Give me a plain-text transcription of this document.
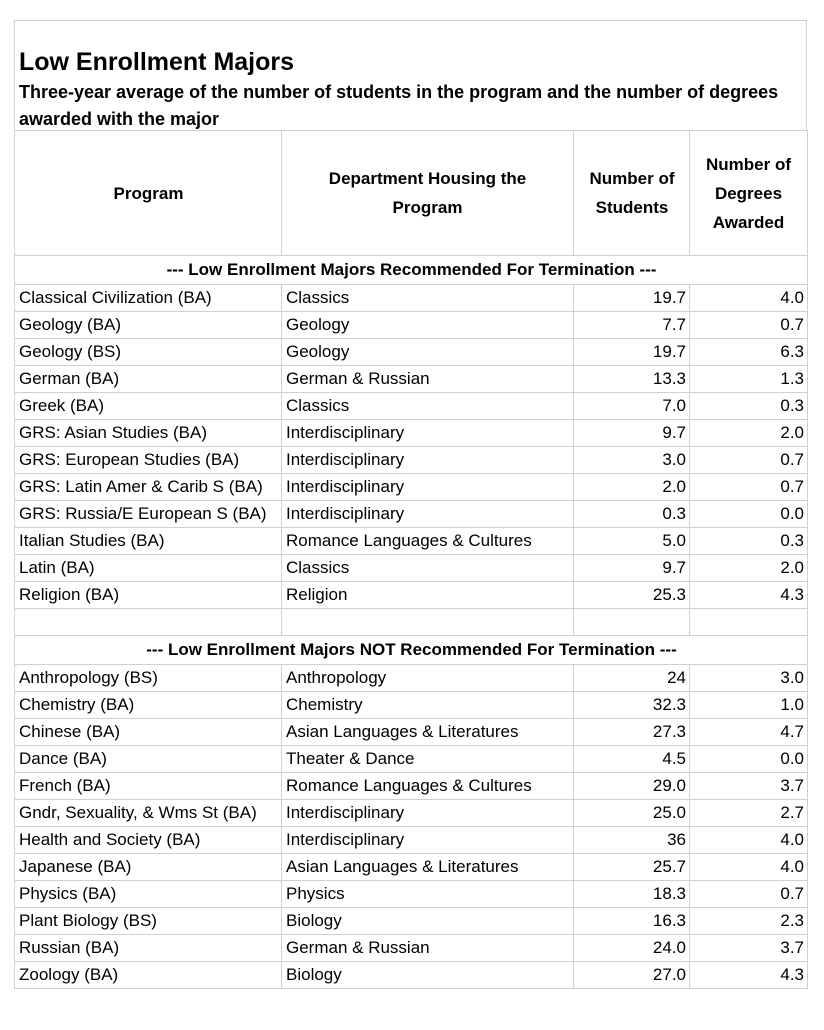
Low Enrollment Majors
Three-year average of the number of students in the program and the number of degrees awarded with the major
Program	Department Housing the Program	Number of Students	Number of Degrees Awarded
--- Low Enrollment Majors Recommended For Termination ---			
Classical Civilization (BA)	Classics	19.7	4.0
Geology (BA)	Geology	7.7	0.7
Geology (BS)	Geology	19.7	6.3
German (BA)	German & Russian	13.3	1.3
Greek (BA)	Classics	7.0	0.3
GRS: Asian Studies (BA)	Interdisciplinary	9.7	2.0
GRS: European Studies (BA)	Interdisciplinary	3.0	0.7
GRS: Latin Amer & Carib S (BA)	Interdisciplinary	2.0	0.7
GRS: Russia/E European S (BA)	Interdisciplinary	0.3	0.0
Italian Studies (BA)	Romance Languages & Cultures	5.0	0.3
Latin (BA)	Classics	9.7	2.0
Religion (BA)	Religion	25.3	4.3

--- Low Enrollment Majors NOT Recommended For Termination ---			
Anthropology (BS)	Anthropology	24	3.0
Chemistry (BA)	Chemistry	32.3	1.0
Chinese (BA)	Asian Languages & Literatures	27.3	4.7
Dance (BA)	Theater & Dance	4.5	0.0
French (BA)	Romance Languages & Cultures	29.0	3.7
Gndr, Sexuality, & Wms St (BA)	Interdisciplinary	25.0	2.7
Health and Society (BA)	Interdisciplinary	36	4.0
Japanese (BA)	Asian Languages & Literatures	25.7	4.0
Physics (BA)	Physics	18.3	0.7
Plant Biology (BS)	Biology	16.3	2.3
Russian (BA)	German & Russian	24.0	3.7
Zoology (BA)	Biology	27.0	4.3
